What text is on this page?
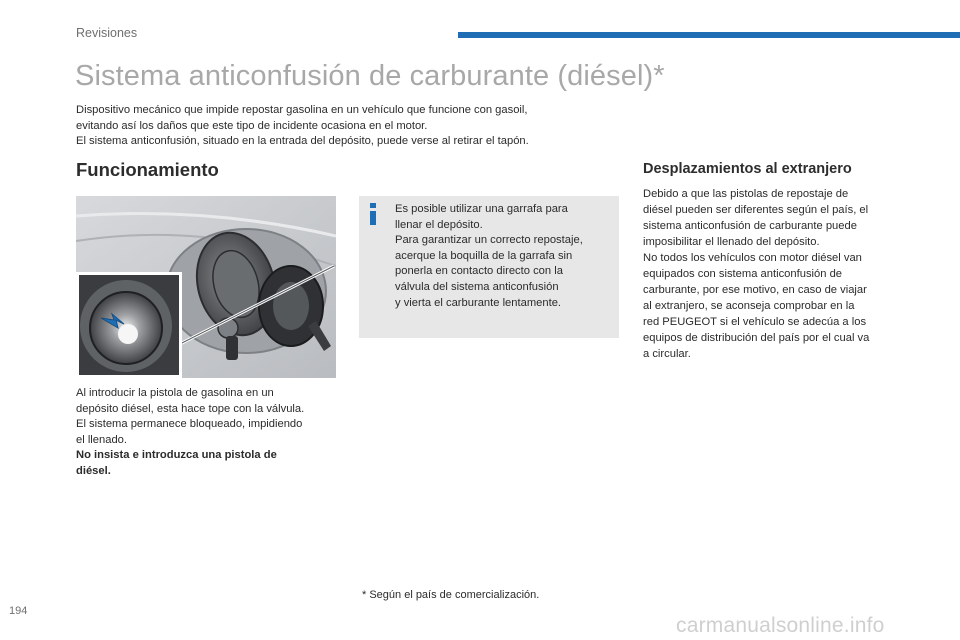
Revisiones
Sistema anticonfusión de carburante (diésel)*

Dispositivo mecánico que impide repostar gasolina en un vehículo que funcione con gasoil,

evitando así los daños que este tipo de incidente ocasiona en el motor.

El sistema anticonfusión, situado en la entrada del depósito, puede verse al retirar el tapón.

Funcionamiento	Desplazamientos al extranjero

Al introducir la pistola de gasolina en un

depósito diésel, esta hace tope con la válvula.

El sistema permanece bloqueado, impidiendo

el llenado.

No insista e introduzca una pistola de

diésel.

Es posible utilizar una garrafa para

llenar el depósito.

Para garantizar un correcto repostaje,

acerque la boquilla de la garrafa sin

ponerla en contacto directo con la

válvula del sistema anticonfusión

y vierta el carburante lentamente.

Debido a que las pistolas de repostaje de

diésel pueden ser diferentes según el país, el

sistema anticonfusión de carburante puede

imposibilitar el llenado del depósito.

No todos los vehículos con motor diésel van

equipados con sistema anticonfusión de

carburante, por ese motivo, en caso de viajar

al extranjero, se aconseja comprobar en la

red PEUGEOT si el vehículo se adecúa a los

equipos de distribución del país por el cual va

a circular.

* Según el país de comercialización.

194

carmanualsonline.info
